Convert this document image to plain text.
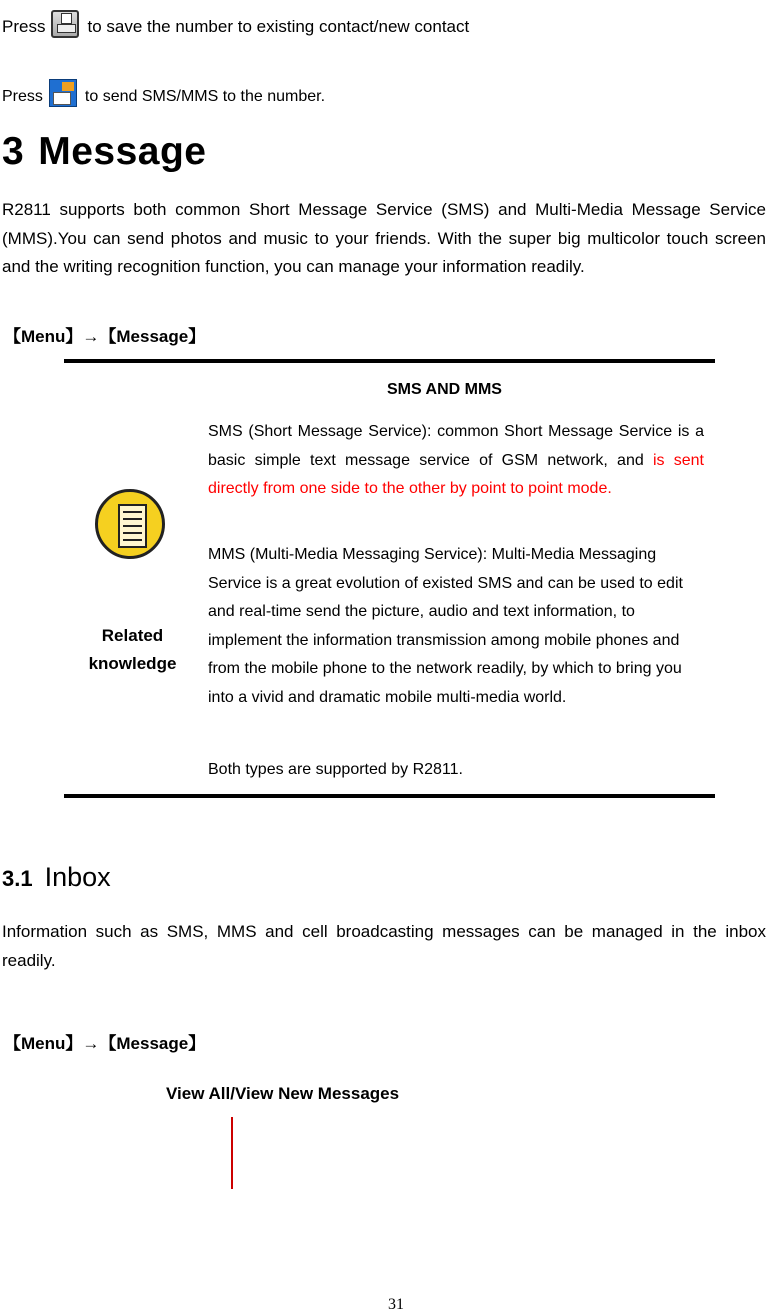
Press to save the number to existing contact/new contact
Press	to send SMS/MMS to the number.
3 Message
R2811 supports both common Short Message Service (SMS) and Multi-Media Message Service (MMS).You can send photos and music to your friends. With the super big multicolor touch screen and the writing recognition function, you can manage your information readily.
【Menu】→【Message】
SMS AND MMS
Related knowledge
SMS (Short Message Service): common Short Message Service is a basic simple text message service of GSM network, and is sent directly from one side to the other by point to point mode.
MMS (Multi-Media Messaging Service): Multi-Media Messaging Service is a great evolution of existed SMS and can be used to edit and real-time send the picture, audio and text information, to implement the information transmission among mobile phones and from the mobile phone to the network readily, by which to bring you into a vivid and dramatic mobile multi-media world.
Both types are supported by R2811.
3.1 Inbox
Information such as SMS, MMS and cell broadcasting messages can be managed in the inbox readily.
【Menu】→【Message】
View All/View New Messages
31
